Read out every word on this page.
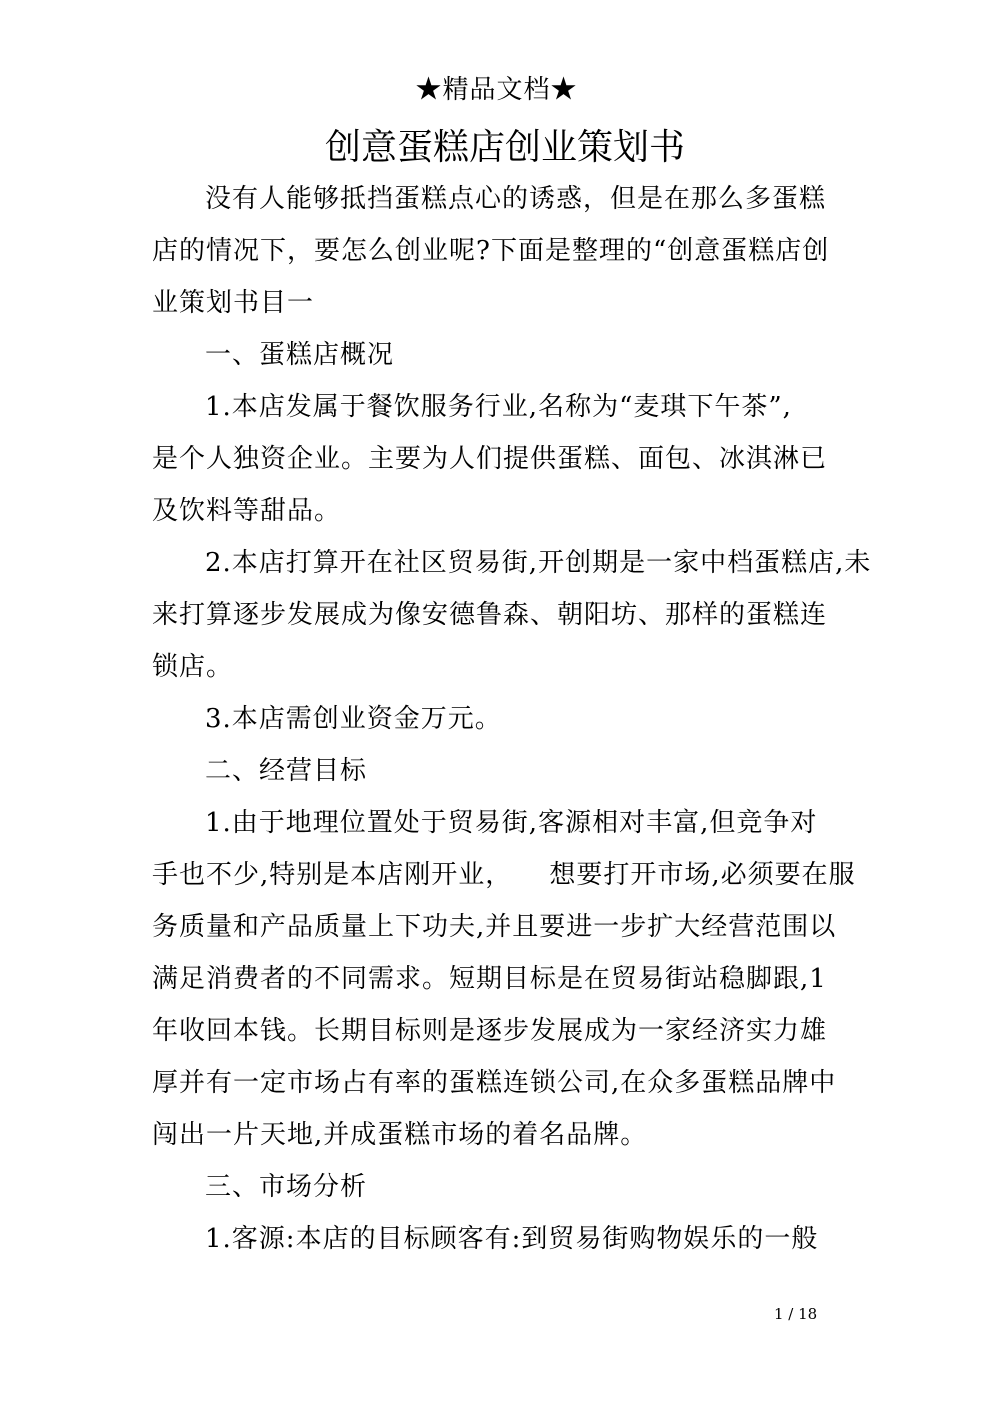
★精品文档★
创意蛋糕店创业策划书
没有人能够抵挡蛋糕点心的诱惑，但是在那么多蛋糕
店的情况下，要怎么创业呢?下面是整理的“创意蛋糕店创
业策划书目一
一、蛋糕店概况
1.本店发属于餐饮服务行业,名称为“麦琪下午茶”,
是个人独资企业。主要为人们提供蛋糕、面包、冰淇淋已
及饮料等甜品。
2.本店打算开在社区贸易街,开创期是一家中档蛋糕店,未
来打算逐步发展成为像安德鲁森、朝阳坊、那样的蛋糕连
锁店。
3.本店需创业资金万元。
二、经营目标
1.由于地理位置处于贸易街,客源相对丰富,但竞争对
手也不少,特别是本店刚开业，    想要打开市场,必须要在服
务质量和产品质量上下功夫,并且要进一步扩大经营范围以
满足消费者的不同需求。短期目标是在贸易街站稳脚跟,1
年收回本钱。长期目标则是逐步发展成为一家经济实力雄
厚并有一定市场占有率的蛋糕连锁公司,在众多蛋糕品牌中
闯出一片天地,并成蛋糕市场的着名品牌。
三、市场分析
1.客源:本店的目标顾客有:到贸易街购物娱乐的一般
1 / 18
